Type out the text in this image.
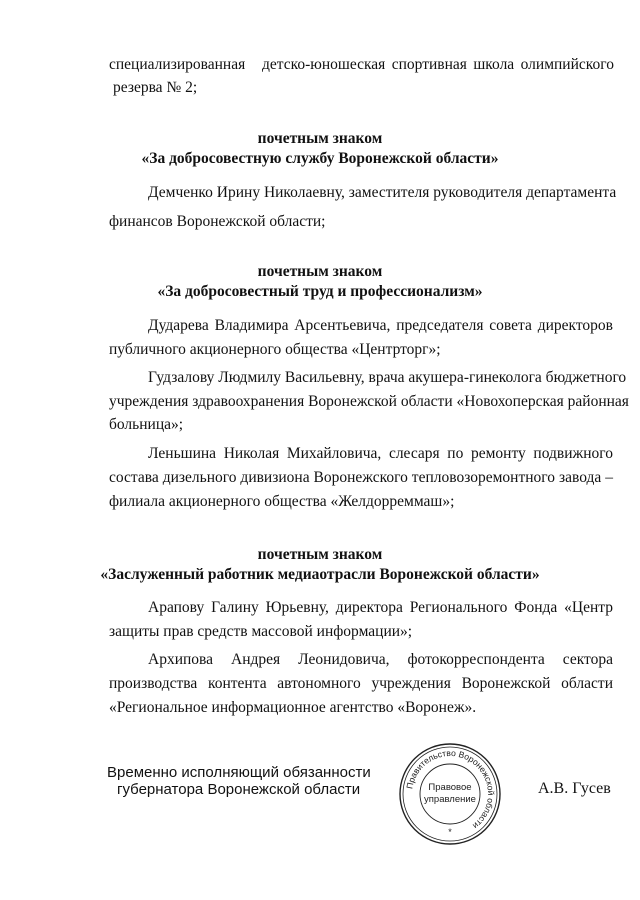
специализированная детско-юношеская спортивная школа олимпийского
резерва № 2;
почетным знаком
«За добросовестную службу Воронежской области»
Демченко Ирину Николаевну, заместителя руководителя департамента
финансов Воронежской области;
почетным знаком
«За добросовестный труд и профессионализм»
Дударева Владимира Арсентьевича, председателя совета директоров
публичного акционерного общества «Центрторг»;
Гудзалову Людмилу Васильевну, врача акушера-гинеколога бюджетного
учреждения здравоохранения Воронежской области «Новохоперская районная
больница»;
Леньшина Николая Михайловича, слесаря по ремонту подвижного
состава дизельного дивизиона Воронежского тепловозоремонтного завода –
филиала акционерного общества «Желдорреммаш»;
почетным знаком
«Заслуженный работник медиаотрасли Воронежской области»
Арапову Галину Юрьевну, директора Регионального Фонда «Центр
защиты прав средств массовой информации»;
Архипова Андрея Леонидовича, фотокорреспондента сектора
производства контента автономного учреждения Воронежской области
«Региональное информационное агентство «Воронеж».
Временно исполняющий обязанности
губернатора Воронежской области	А.В. Гусев
Правительство Воронежской области
Правовое
управление
*
